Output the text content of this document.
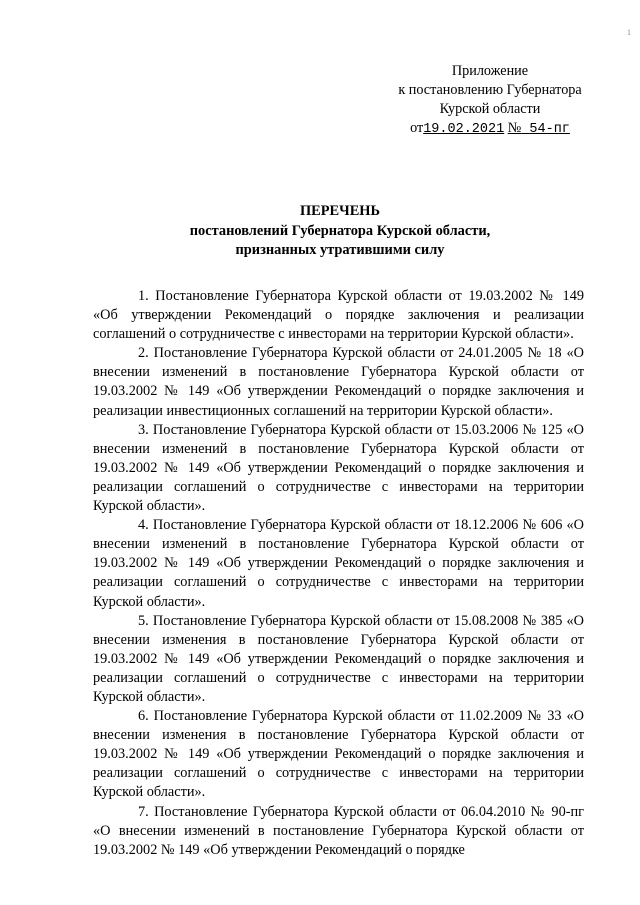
1
Приложение
к постановлению Губернатора
Курской области
от19.02.2021 № 54-пг
ПЕРЕЧЕНЬ
постановлений Губернатора Курской области,
признанных утратившими силу

1. Постановление Губернатора Курской области от 19.03.2002 № 149 «Об утверждении Рекомендаций о порядке заключения и реализации соглашений о сотрудничестве с инвесторами на территории Курской области».

2. Постановление Губернатора Курской области от 24.01.2005 № 18 «О внесении изменений в постановление Губернатора Курской области от 19.03.2002 № 149 «Об утверждении Рекомендаций о порядке заключения и реализации инвестиционных соглашений на территории Курской области».

3. Постановление Губернатора Курской области от 15.03.2006 № 125 «О внесении изменений в постановление Губернатора Курской области от 19.03.2002 № 149 «Об утверждении Рекомендаций о порядке заключения и реализации соглашений о сотрудничестве с инвесторами на территории Курской области».

4. Постановление Губернатора Курской области от 18.12.2006 № 606 «О внесении изменений в постановление Губернатора Курской области от 19.03.2002 № 149 «Об утверждении Рекомендаций о порядке заключения и реализации соглашений о сотрудничестве с инвесторами на территории Курской области».

5. Постановление Губернатора Курской области от 15.08.2008 № 385 «О внесении изменения в постановление Губернатора Курской области от 19.03.2002 № 149 «Об утверждении Рекомендаций о порядке заключения и реализации соглашений о сотрудничестве с инвесторами на территории Курской области».

6. Постановление Губернатора Курской области от 11.02.2009 № 33 «О внесении изменения в постановление Губернатора Курской области от 19.03.2002 № 149 «Об утверждении Рекомендаций о порядке заключения и реализации соглашений о сотрудничестве с инвесторами на территории Курской области».

7. Постановление Губернатора Курской области от 06.04.2010 № 90-пг «О внесении изменений в постановление Губернатора Курской области от 19.03.2002 № 149 «Об утверждении Рекомендаций о порядке
